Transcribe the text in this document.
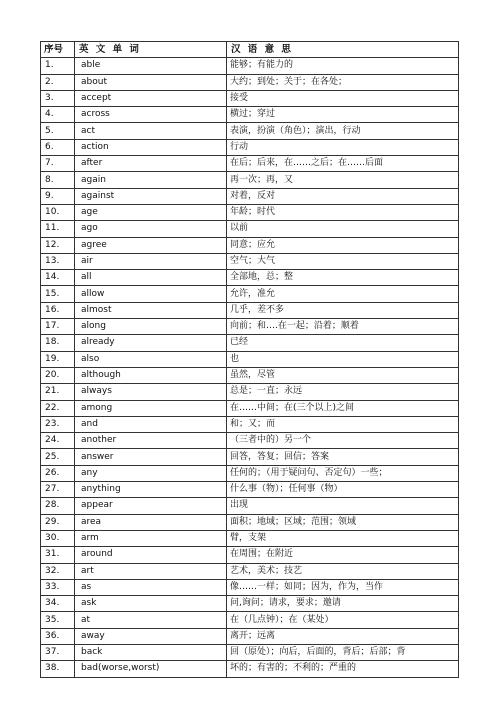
序号	英 文 单 词	汉 语 意 思
1.	able	能够；有能力的
2.	about	大约；到处；关于；在各处；
3.	accept	接受
4.	across	横过；穿过
5.	act	表演，扮演（角色）；演出，行动
6.	action	行动
7.	after	在后；后来，在……之后；在……后面
8.	again	再一次；再，又
9.	against	对着，反对
10.	age	年龄；时代
11.	ago	以前
12.	agree	同意；应允
13.	air	空气；大气
14.	all	全部地，总；整
15.	allow	允许，准允
16.	almost	几乎，差不多
17.	along	向前；和….在一起；沿着；顺着
18.	already	已经
19.	also	也
20.	although	虽然，尽管
21.	always	总是；一直；永远
22.	among	在……中间；在(三个以上)之间
23.	and	和；又；而
24.	another	（三者中的）另一个
25.	answer	回答，答复；回信；答案
26.	any	任何的；（用于疑问句、否定句）一些；
27.	anything	什么事（物）；任何事（物）
28.	appear	出现
29.	area	面积；地域；区域；范围；领域
30.	arm	臂，支架
31.	around	在周围；在附近
32.	art	艺术，美术；技艺
33.	as	像……一样；如同；因为，作为，当作
34.	ask	问,询问；请求，要求；邀请
35.	at	在（几点钟）；在（某处）
36.	away	离开；远离
37.	back	回（原处）；向后，后面的，背后；后部；背
38.	bad(worse,worst)	坏的；有害的；不利的；严重的
